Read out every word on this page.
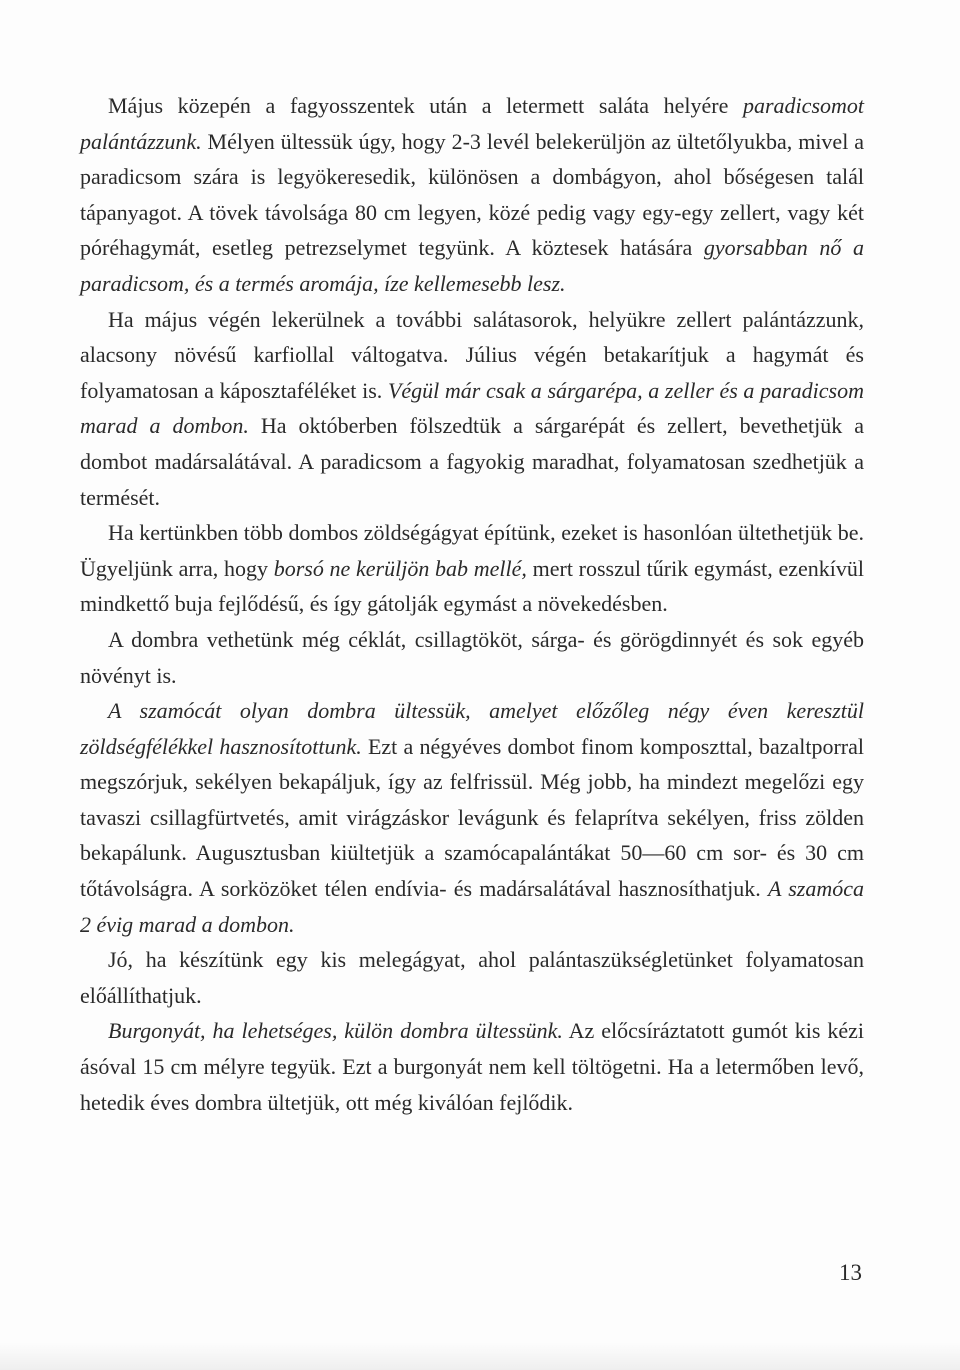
Május közepén a fagyosszentek után a letermett saláta helyére paradicsomot palántázzunk. Mélyen ültessük úgy, hogy 2-3 levél belekerüljön az ültetőlyukba, mivel a paradicsom szára is legyökeresedik, különösen a dombágyon, ahol bőségesen talál tápanyagot. A tövek távolsága 80 cm legyen, közé pedig vagy egy-egy zellert, vagy két póréhagymát, esetleg petrezselymet tegyünk. A köztesek hatására gyorsabban nő a paradicsom, és a termés aromája, íze kellemesebb lesz.

Ha május végén lekerülnek a további salátasorok, helyükre zellert palántázzunk, alacsony növésű karfiollal váltogatva. Július végén betakarítjuk a hagymát és folyamatosan a káposztaféléket is. Végül már csak a sárgarépa, a zeller és a paradicsom marad a dombon. Ha októberben fölszedtük a sárgarépát és zellert, bevethetjük a dombot madársalátával. A paradicsom a fagyokig maradhat, folyamatosan szedhetjük a termését.

Ha kertünkben több dombos zöldségágyat építünk, ezeket is hasonlóan ültethetjük be. Ügyeljünk arra, hogy borsó ne kerüljön bab mellé, mert rosszul tűrik egymást, ezenkívül mindkettő buja fejlődésű, és így gátolják egymást a növekedésben.

A dombra vethetünk még céklát, csillagtököt, sárga- és görögdinnyét és sok egyéb növényt is.

A szamócát olyan dombra ültessük, amelyet előzőleg négy éven keresztül zöldségfélékkel hasznosítottunk. Ezt a négyéves dombot finom komposzttal, bazaltporral megszórjuk, sekélyen bekapáljuk, így az felfrissül. Még jobb, ha mindezt megelőzi egy tavaszi csillagfürtvetés, amit virágzáskor levágunk és felaprítva sekélyen, friss zölden bekapálunk. Augusztusban kiültetjük a szamócapalántákat 50—60 cm sor- és 30 cm tőtávolságra. A sorközöket télen endívia- és madársalátával hasznosíthatjuk. A szamóca 2 évig marad a dombon.

Jó, ha készítünk egy kis melegágyat, ahol palántaszükségletünket folyamatosan előállíthatjuk.

Burgonyát, ha lehetséges, külön dombra ültessünk. Az előcsíráztatott gumót kis kézi ásóval 15 cm mélyre tegyük. Ezt a burgonyát nem kell töltögetni. Ha a letermőben levő, hetedik éves dombra ültetjük, ott még kiválóan fejlődik.

13
